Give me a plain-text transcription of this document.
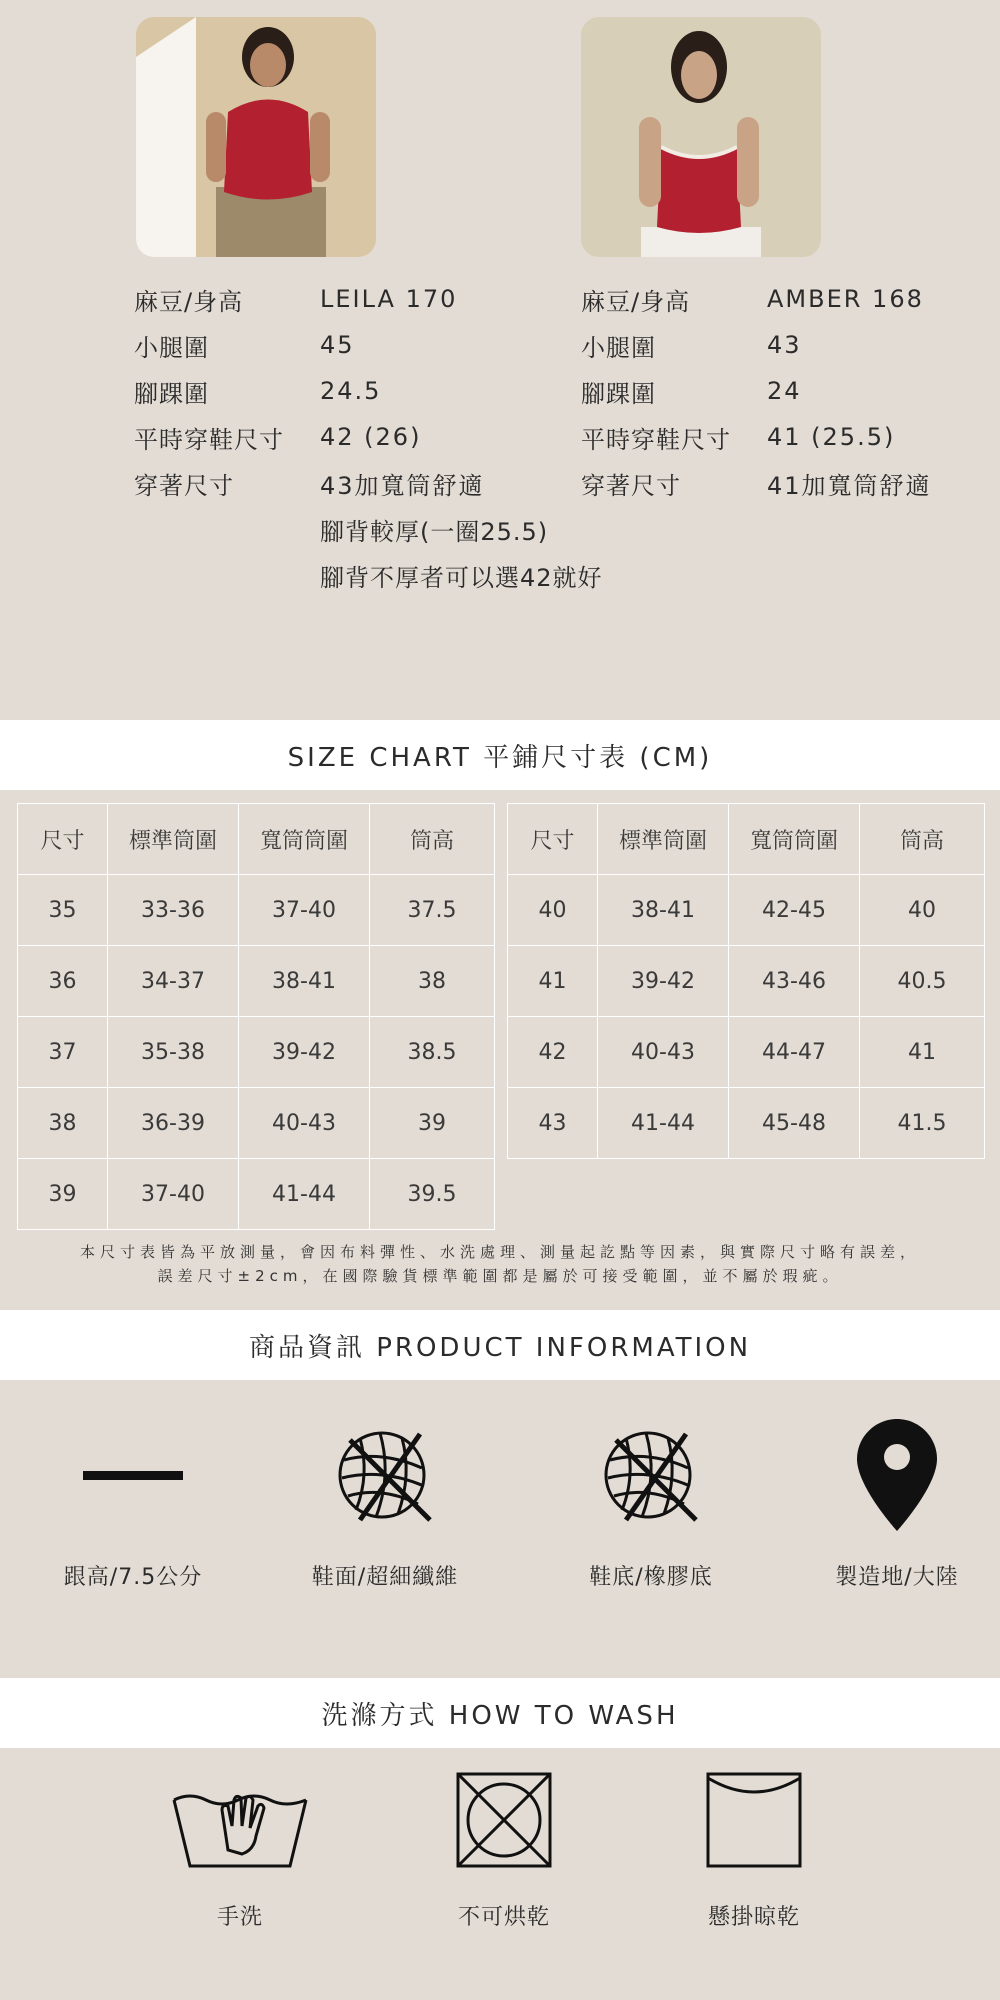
麻豆/身高	LEILA 170
小腿圍	45
腳踝圍	24.5
平時穿鞋尺寸	42 (26)
穿著尺寸	43加寬筒舒適
腳背較厚(一圈25.5)
腳背不厚者可以選42就好
麻豆/身高	AMBER 168
小腿圍	43
腳踝圍	24
平時穿鞋尺寸	41 (25.5)
穿著尺寸	41加寬筒舒適
SIZE CHART 平鋪尺寸表 (CM)
尺寸	標準筒圍	寬筒筒圍	筒高
35	33-36	37-40	37.5
36	34-37	38-41	38
37	35-38	39-42	38.5
38	36-39	40-43	39
39	37-40	41-44	39.5
尺寸	標準筒圍	寬筒筒圍	筒高
40	38-41	42-45	40
41	39-42	43-46	40.5
42	40-43	44-47	41
43	41-44	45-48	41.5
本尺寸表皆為平放測量，會因布料彈性、水洗處理、測量起訖點等因素，與實際尺寸略有誤差，
誤差尺寸±2cm，在國際驗貨標準範圍都是屬於可接受範圍，並不屬於瑕疵。
商品資訊 PRODUCT INFORMATION
跟高/7.5公分	鞋面/超細纖維	鞋底/橡膠底	製造地/大陸
洗滌方式 HOW TO WASH
手洗	不可烘乾	懸掛晾乾
